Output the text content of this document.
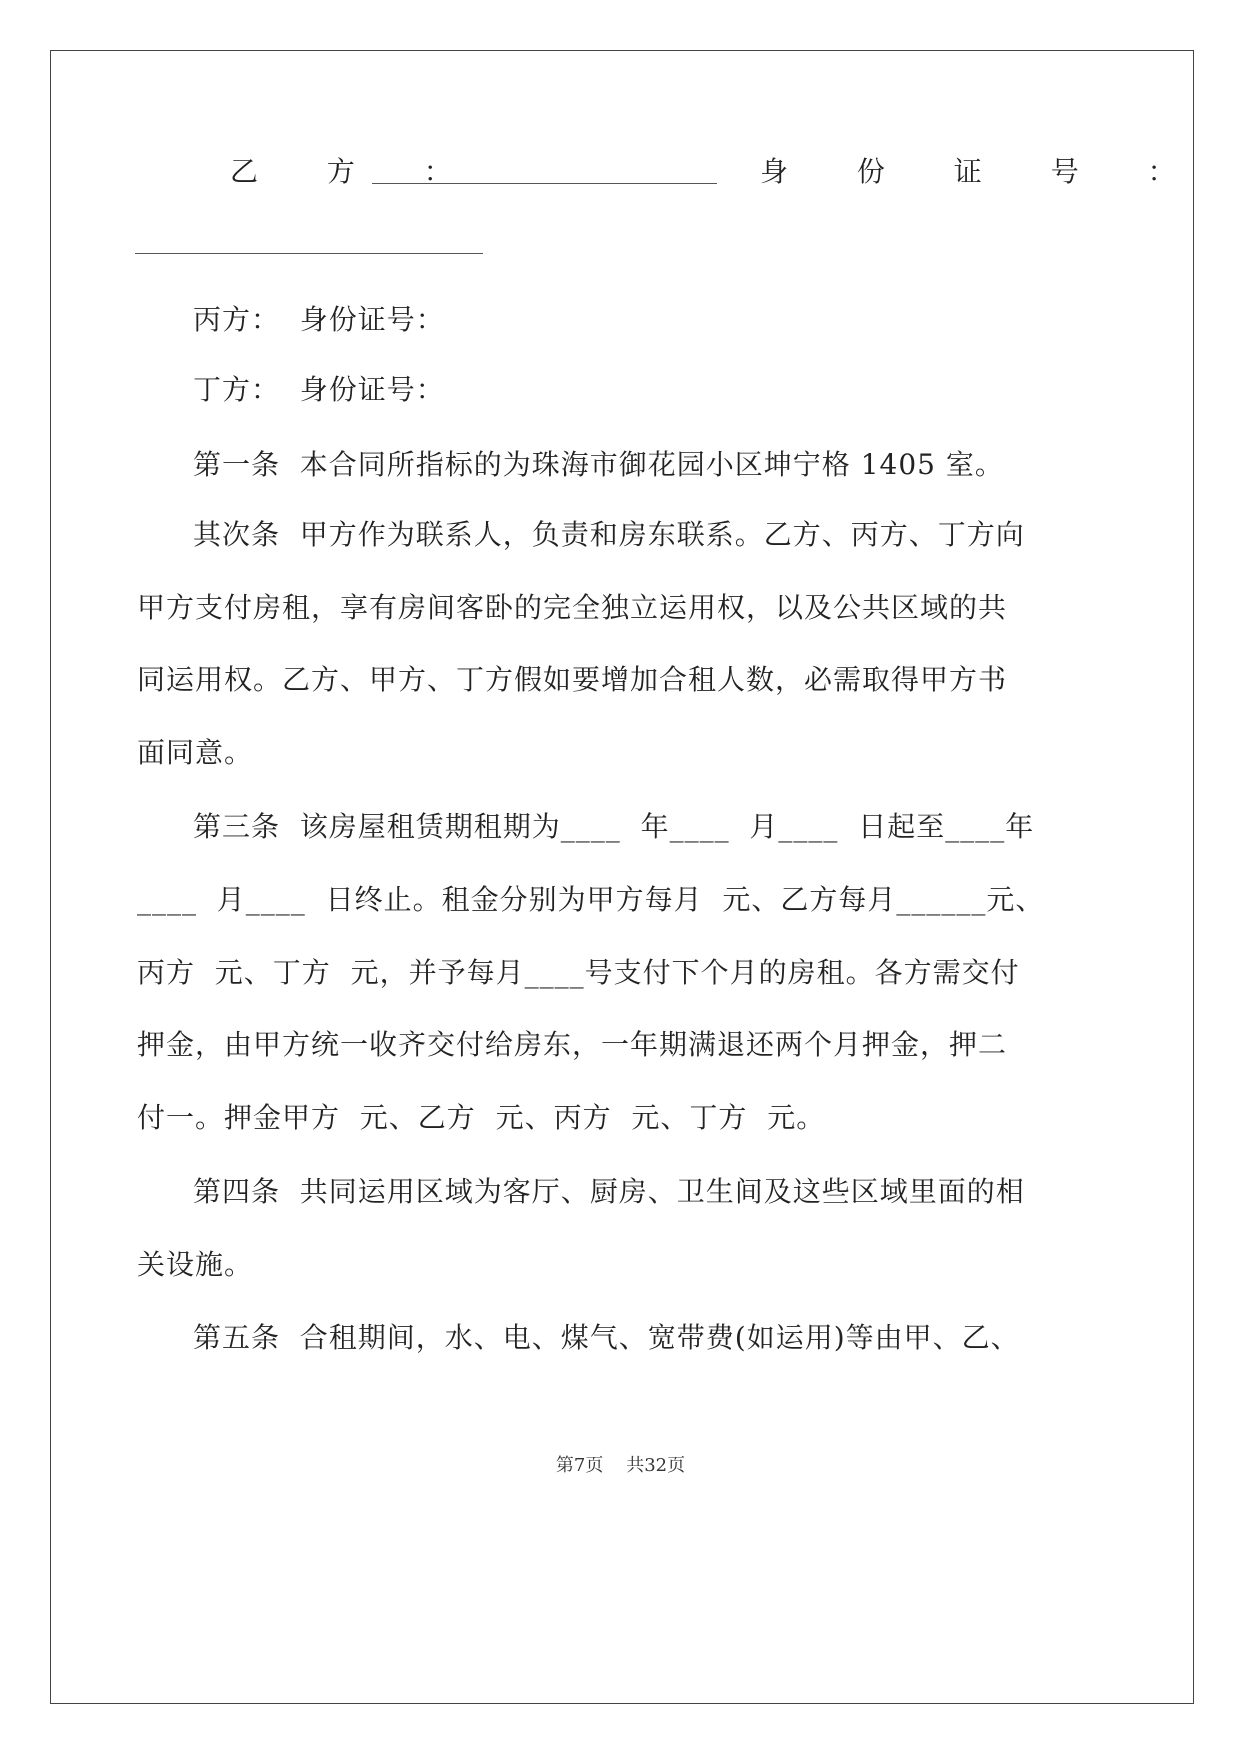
乙 方 ：	身 份 证 号 ：
丙方：  身份证号：
丁方：  身份证号：
第一条  本合同所指标的为珠海市御花园小区坤宁格 1405 室。
其次条  甲方作为联系人，负责和房东联系。乙方、丙方、丁方向
甲方支付房租，享有房间客卧的完全独立运用权，以及公共区域的共
同运用权。乙方、甲方、丁方假如要增加合租人数，必需取得甲方书
面同意。
第三条  该房屋租赁期租期为____  年____  月____  日起至____年
____  月____  日终止。租金分别为甲方每月  元、乙方每月______元、
丙方  元、丁方  元，并予每月____号支付下个月的房租。各方需交付
押金，由甲方统一收齐交付给房东，一年期满退还两个月押金，押二
付一。押金甲方  元、乙方  元、丙方  元、丁方  元。
第四条  共同运用区域为客厅、厨房、卫生间及这些区域里面的相
关设施。
第五条  合租期间，水、电、煤气、宽带费(如运用)等由甲、乙、
第7页    共32页
